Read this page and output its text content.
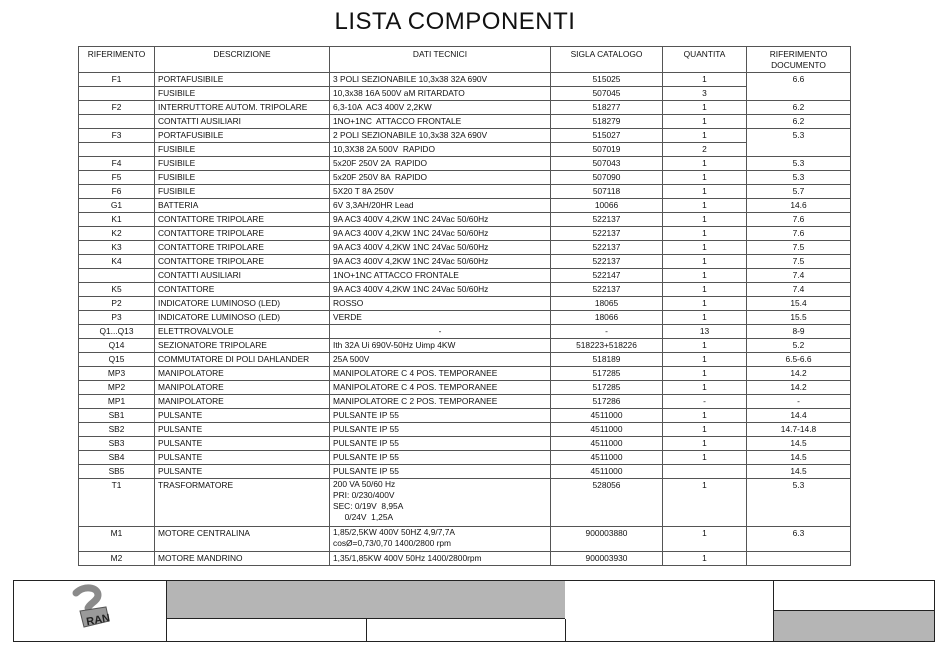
LISTA COMPONENTI
RIFERIMENTO	DESCRIZIONE	DATI TECNICI	SIGLA CATALOGO	QUANTITA	RIFERIMENTO
DOCUMENTO

F1	PORTAFUSIBILE	3 POLI SEZIONABILE 10,3x38 32A 690V	515025	1	6.6
	FUSIBILE	10,3x38 16A 500V aM RITARDATO	507045	3	
F2	INTERRUTTORE AUTOM. TRIPOLARE	6,3-10A  AC3 400V 2,2KW	518277	1	6.2
	CONTATTI AUSILIARI	1NO+1NC  ATTACCO FRONTALE	518279	1	6.2
F3	PORTAFUSIBILE	2 POLI SEZIONABILE 10,3x38 32A 690V	515027	1	5.3
	FUSIBILE	10,3X38 2A 500V  RAPIDO	507019	2	
F4	FUSIBILE	5x20F 250V 2A  RAPIDO	507043	1	5.3
F5	FUSIBILE	5x20F 250V 8A  RAPIDO	507090	1	5.3
F6	FUSIBILE	5X20 T 8A 250V	507118	1	5.7
G1	BATTERIA	6V 3,3AH/20HR Lead	10066	1	14.6
K1	CONTATTORE TRIPOLARE	9A AC3 400V 4,2KW 1NC 24Vac 50/60Hz	522137	1	7.6
K2	CONTATTORE TRIPOLARE	9A AC3 400V 4,2KW 1NC 24Vac 50/60Hz	522137	1	7.6
K3	CONTATTORE TRIPOLARE	9A AC3 400V 4,2KW 1NC 24Vac 50/60Hz	522137	1	7.5
K4	CONTATTORE TRIPOLARE	9A AC3 400V 4,2KW 1NC 24Vac 50/60Hz	522137	1	7.5
	CONTATTI AUSILIARI	1NO+1NC ATTACCO FRONTALE	522147	1	7.4
K5	CONTATTORE	9A AC3 400V 4,2KW 1NC 24Vac 50/60Hz	522137	1	7.4
P2	INDICATORE LUMINOSO (LED)	ROSSO	18065	1	15.4
P3	INDICATORE LUMINOSO (LED)	VERDE	18066	1	15.5
Q1...Q13	ELETTROVALVOLE	-	-	13	8-9
Q14	SEZIONATORE TRIPOLARE	Ith 32A Ui 690V-50Hz Uimp 4KW	518223+518226	1	5.2
Q15	COMMUTATORE DI POLI DAHLANDER	25A 500V	518189	1	6.5-6.6
MP3	MANIPOLATORE	MANIPOLATORE C 4 POS. TEMPORANEE	517285	1	14.2
MP2	MANIPOLATORE	MANIPOLATORE C 4 POS. TEMPORANEE	517285	1	14.2
MP1	MANIPOLATORE	MANIPOLATORE C 2 POS. TEMPORANEE	517286	-	-
SB1	PULSANTE	PULSANTE IP 55	4511000	1	14.4
SB2	PULSANTE	PULSANTE IP 55	4511000	1	14.7-14.8
SB3	PULSANTE	PULSANTE IP 55	4511000	1	14.5
SB4	PULSANTE	PULSANTE IP 55	4511000	1	14.5
SB5	PULSANTE	PULSANTE IP 55	4511000		14.5
T1	TRASFORMATORE	200 VA 50/60 Hz
PRI: 0/230/400V
SEC: 0/19V  8,95A
0/24V  1,25A	528056	1	5.3
M1	MOTORE CENTRALINA	1,85/2,5KW 400V 50HZ 4,9/7,7A
cosØ=0,73/0,70 1400/2800 rpm	900003880	1	6.3
M2	MOTORE MANDRINO	1,35/1,85KW 400V 50Hz 1400/2800rpm	900003930	1	
RAN
